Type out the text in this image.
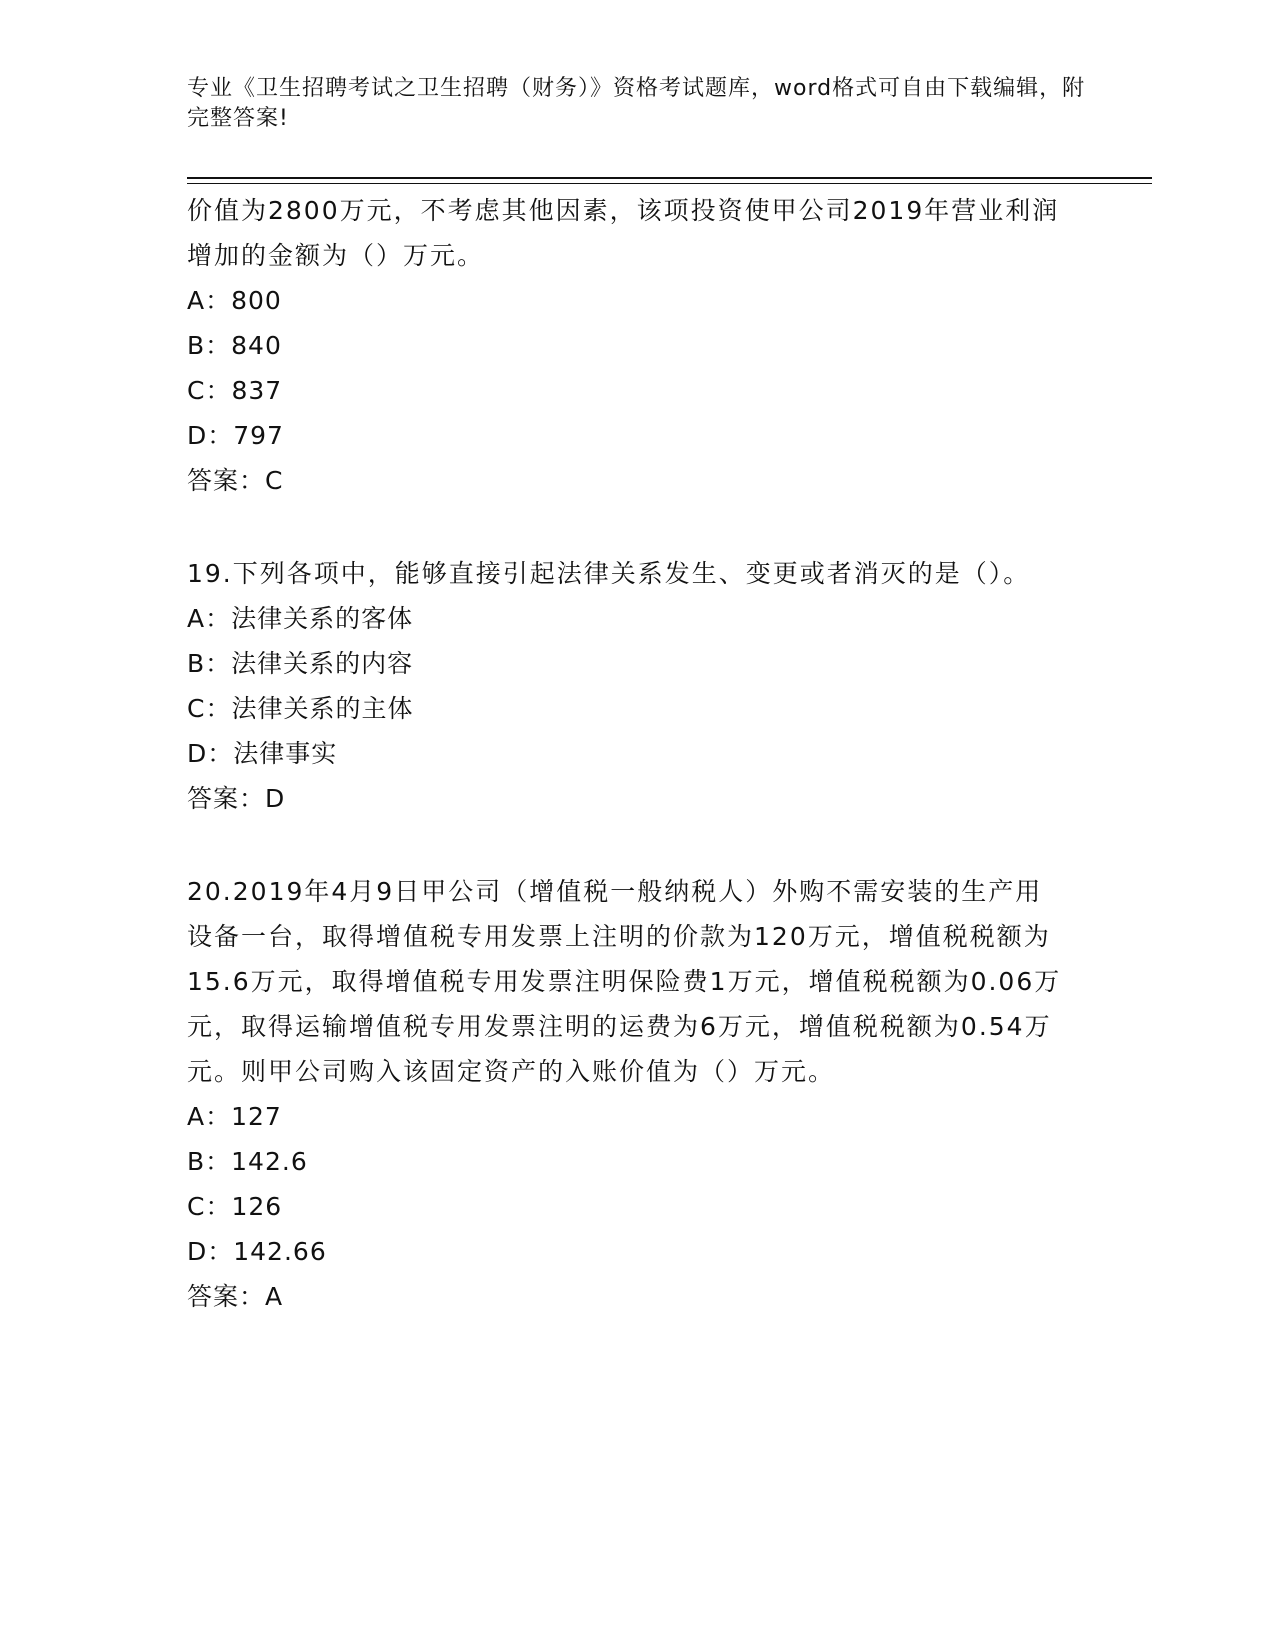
专业《卫生招聘考试之卫生招聘（财务）》资格考试题库，word格式可自由下载编辑，附完整答案!

价值为2800万元，不考虑其他因素，该项投资使甲公司2019年营业利润增加的金额为（）万元。

A：800

B：840

C：837

D：797

答案：C

19.下列各项中，能够直接引起法律关系发生、变更或者消灭的是（）。

A：法律关系的客体

B：法律关系的内容

C：法律关系的主体

D：法律事实

答案：D

20.2019年4月9日甲公司（增值税一般纳税人）外购不需安装的生产用设备一台，取得增值税专用发票上注明的价款为120万元，增值税税额为15.6万元，取得增值税专用发票注明保险费1万元，增值税税额为0.06万元，取得运输增值税专用发票注明的运费为6万元，增值税税额为0.54万元。则甲公司购入该固定资产的入账价值为（）万元。

A：127

B：142.6

C：126

D：142.66

答案：A
